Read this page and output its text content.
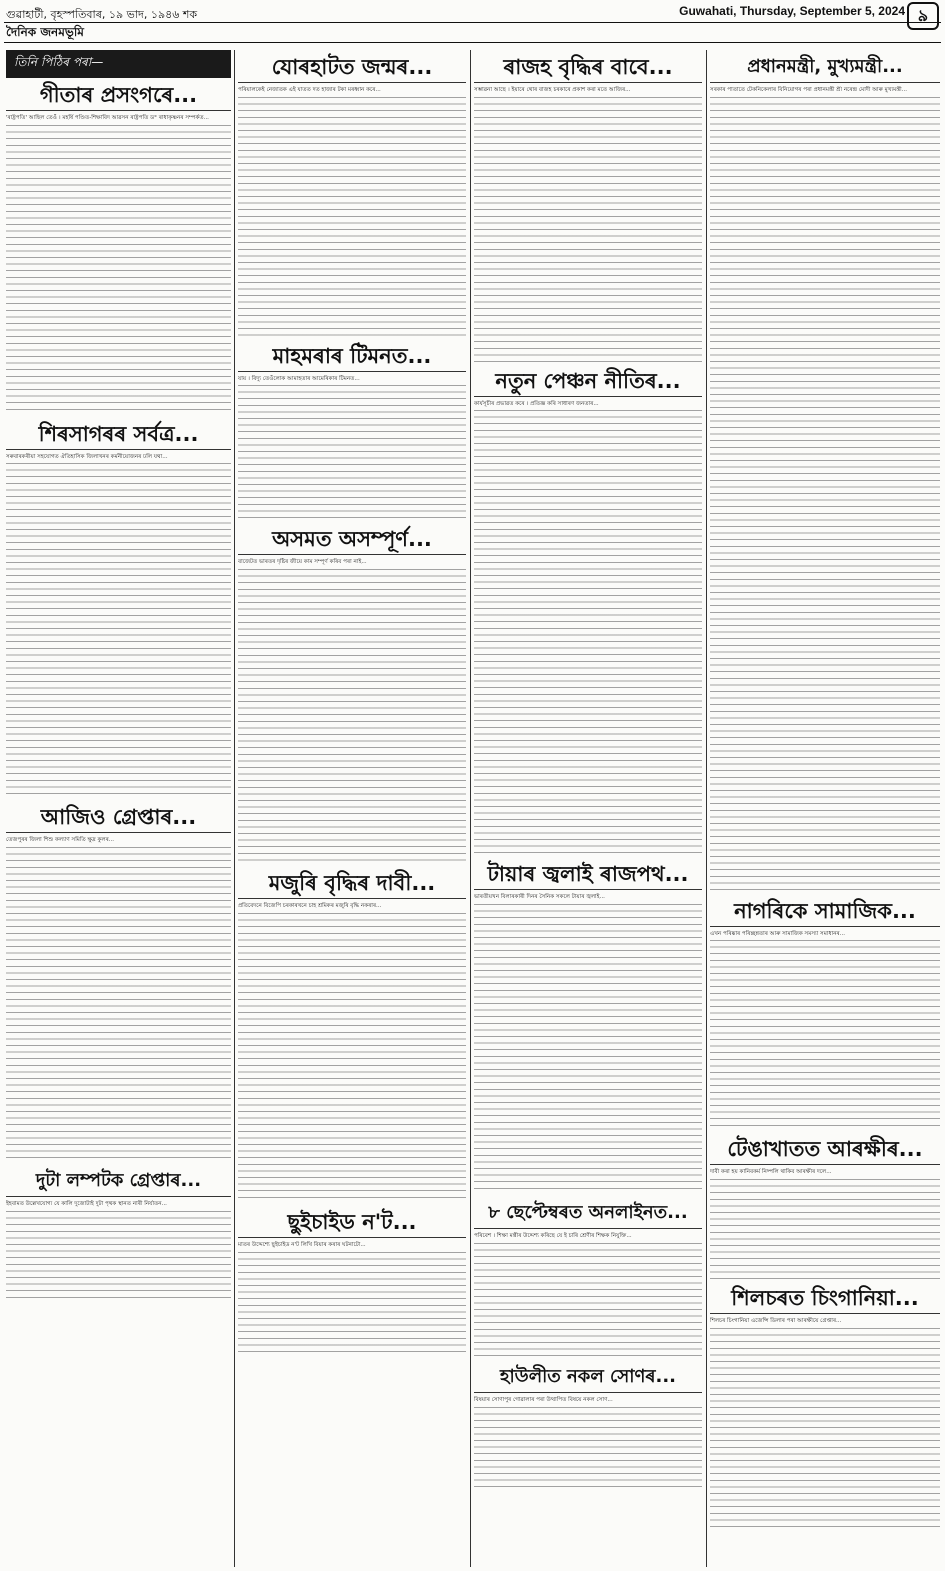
গুৱাহাটী, বৃহস্পতিবাৰ, ১৯ ভাদ, ১৯৪৬ শক	Guwahati, Thursday, September 5, 2024 ৯
দৈনিক জনমভূমি
তিনি পিঠিৰ পৰা—
গীতাৰ প্ৰসংগৰে...
'ৰাষ্ট্ৰপতি' আছিল তেওঁ । মহৰ্ষি পণ্ডিত-শিক্ষাবিদ আৱসন ৰাষ্ট্ৰপতি ড° ৰাধাকৃষ্ণনৰ সম্পৰ্কত...
শিৰসাগৰৰ সৰ্বত্ৰ...
সৰুবাৰকৰীয়া সহযোগত ঐতিহাসিক জিলাখনৰ কৰ্মনীয়োজনৰ ঢলি যথা...
আজিও গ্ৰেপ্তাৰ...
তেজপুৰৰ জিলা শিশু কল্যাণ সমিতি ক্ষুদ্ৰ কুলৰ...
দুটা লম্পটক গ্ৰেপ্তাৰ...
ইহবামত উল্লেখযোগ্য যে কালি দুজোটাই দুটা পৃথক স্থানত নাৰী নিৰ্যাতন...
যোৰহাটত জন্মৰ...
পৰিয়ালকেই নেজাতক এই যাতত দত হাজাৰ টকা মৰধ্বান কৰে...
মাহমৰাৰ টিমনত...
যায় । বিদ্যু তেওঁলোক আমাহতাৰ আমেৰিকাৰ টিমনত...
অসমত অসম্পূৰ্ণ...
বাজেটত ভাৰতৰ দৃষ্টিৰ জীয়ে কাম সম্পূৰ্ণ কৰিব পৰা নাই...
মজুৰি বৃদ্ধিৰ দাবী...
প্ৰতিবেদনে বিজেপি চৰকাৰখনে চাহ শ্ৰমিকৰ মজুৰি বৃদ্ধি নকৰাৰ...
ছুইচাইড ন'ট...
মাতৰ উদ্দেশ্যে ছুইচাইড ন'ট লিখি বিয়াৰ কৰাৰ ঘটনাটো...
ৰাজহ বৃদ্ধিৰ বাবে...
সম্ভাৱনা আছে । ইয়াৰে থোৰ বাজহ চৰকাৰে প্ৰকাশ কৰা মতে আজিৰ...
নতুন পেঞ্চন নীতিৰ...
কাৰ্যসূচীৰ প্ৰভাৱত কৰে । প্ৰতিজ্ঞ কৰি সাধাৰণ জনতাৰ...
টায়াৰ জ্বলাই ৰাজপথ...
ভাৰতীয়খন বিলাৰকাৰী দিনৰ সৈনিক সকলে টায়াৰ জ্বলাই...
৮ ছেপ্টেম্বৰত অনলাইনত...
পৰিবেশ । শিক্ষা মন্ত্ৰীৰ উদ্দেশ্য কৰিছে যে ই চাৰি শ্ৰেণীৰ শিক্ষক নিযুক্তি...
হাউলীত নকল সোণৰ...
বিষয়াৰ সোণাপুৰ গোৱালাৰ পৰা উত্থাপিত বিষয়ে নকল সোণ...
প্ৰধানমন্ত্ৰী, মুখ্যমন্ত্ৰী...
সৰকাৰ পাতাতে টেকনিকেলাৰ বিনিয়োগৰ পৰা প্ৰধানমন্ত্ৰী শ্ৰী নৰেন্দ্ৰ মোদী আৰু মুখ্যমন্ত্ৰী...
নাগৰিকে সামাজিক...
এখন পৰিষ্কাৰ পৰিচ্ছন্নতাৰ আৰু সামাজিক সমস্যা সমাধানৰ...
টেঙাখাতত আৰক্ষীৰ...
দাবী কৰা হয় কানিবকৰ্ম নিষ্পলি থাকিব আৰক্ষীৰ দলে...
শিলচৰত চিংগানিয়া...
শিলচৰ চিংগানিয়া এজেন্সি ডিলাৰ পৰা আৰক্ষীয়ে গ্ৰেপ্তাৰ...
